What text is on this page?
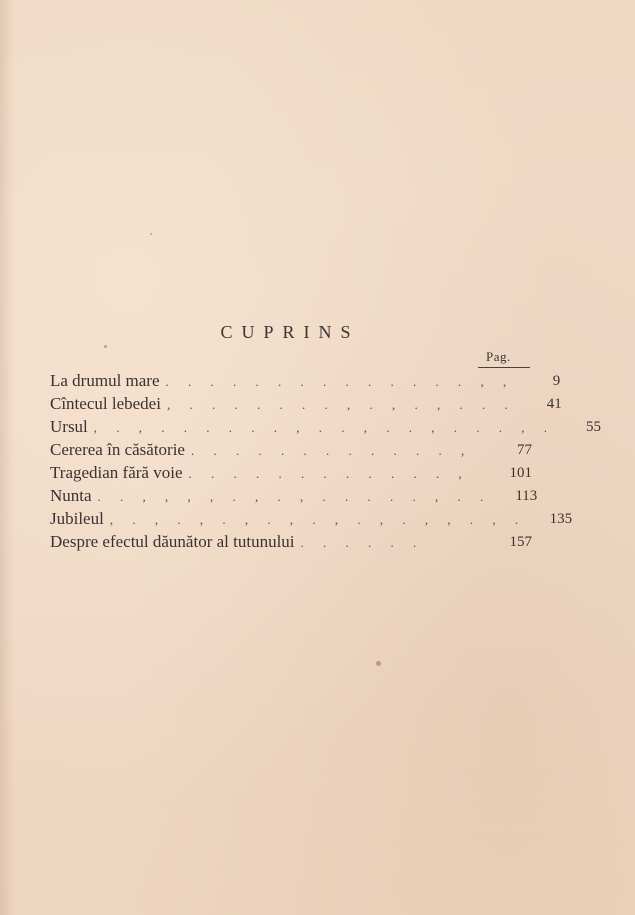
CUPRINS
Pag.
La drumul mare . . . . . . . . . . . . . . , ,	9
Cîntecul lebedei , . . . . . . . , . , . , . . .	41
Ursul , . , . . . . . . , . . , . . , . . . , .	55
Cererea în căsătorie . . . . . . . . . . . . ,	77
Tragedian fără voie . . . . . . . . . . . . ,	101
Nunta . . , , , , . , . , . . . . . , . .	113
Jubileul , . , . , . , . , . , . , . , , . , .	135
Despre efectul dăunător al tutunului . . . . . .	157
